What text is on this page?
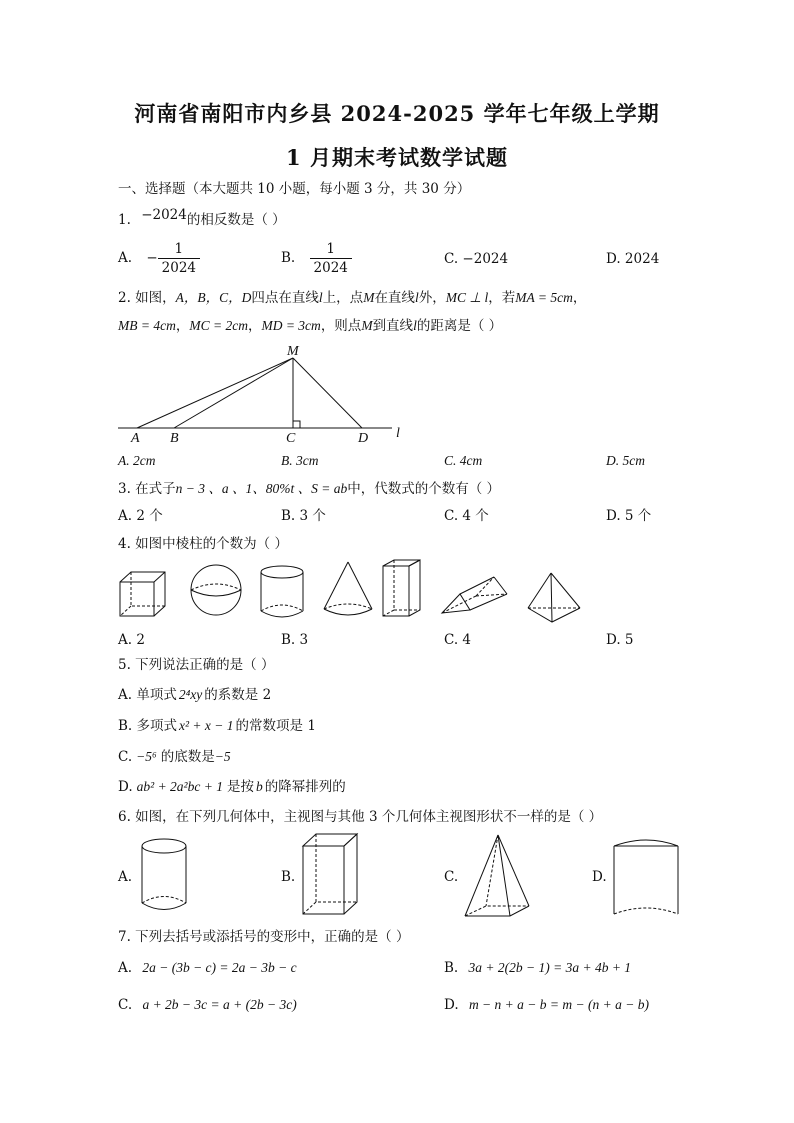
河南省南阳市内乡县 2024-2025 学年七年级上学期
1 月期末考试数学试题
一、选择题（本大题共 10 小题，每小题 3 分，共 30 分）
1. −2024的相反数是（ ）
A. − $\frac{1}{2024}$	B. $\frac{1}{2024}$	C. −2024	D. 2024
2. 如图，A，B，C，D四点在直线l上，点M在直线l外，MC ⊥ l，若MA = 5cm，
MB = 4cm，MC = 2cm，MD = 3cm，则点M到直线l的距离是（ ）
M
A B	C	D l
A. 2cm	B. 3cm	C. 4cm	D. 5cm
3. 在式子n − 3 、a 、1、80%t 、S = ab中，代数式的个数有（ ）
A. 2 个	B. 3 个	C. 4 个	D. 5 个
4. 如图中棱柱的个数为（ ）
A. 2	B. 3	C. 4	D. 5
5. 下列说法正确的是（ ）
A. 单项式 2⁴xy 的系数是 2
B. 多项式 x² + x − 1 的常数项是 1
C. −5⁶ 的底数是−5
D. ab² + 2a²bc + 1 是按 b 的降幂排列的
6. 如图，在下列几何体中，主视图与其他 3 个几何体主视图形状不一样的是（ ）
A.	B.	C.	D.
7. 下列去括号或添括号的变形中，正确的是（ ）
A. 2a − (3b − c) = 2a − 3b − c	B. 3a + 2(2b − 1) = 3a + 4b + 1
C. a + 2b − 3c = a + (2b − 3c)	D. m − n + a − b = m − (n + a − b)
